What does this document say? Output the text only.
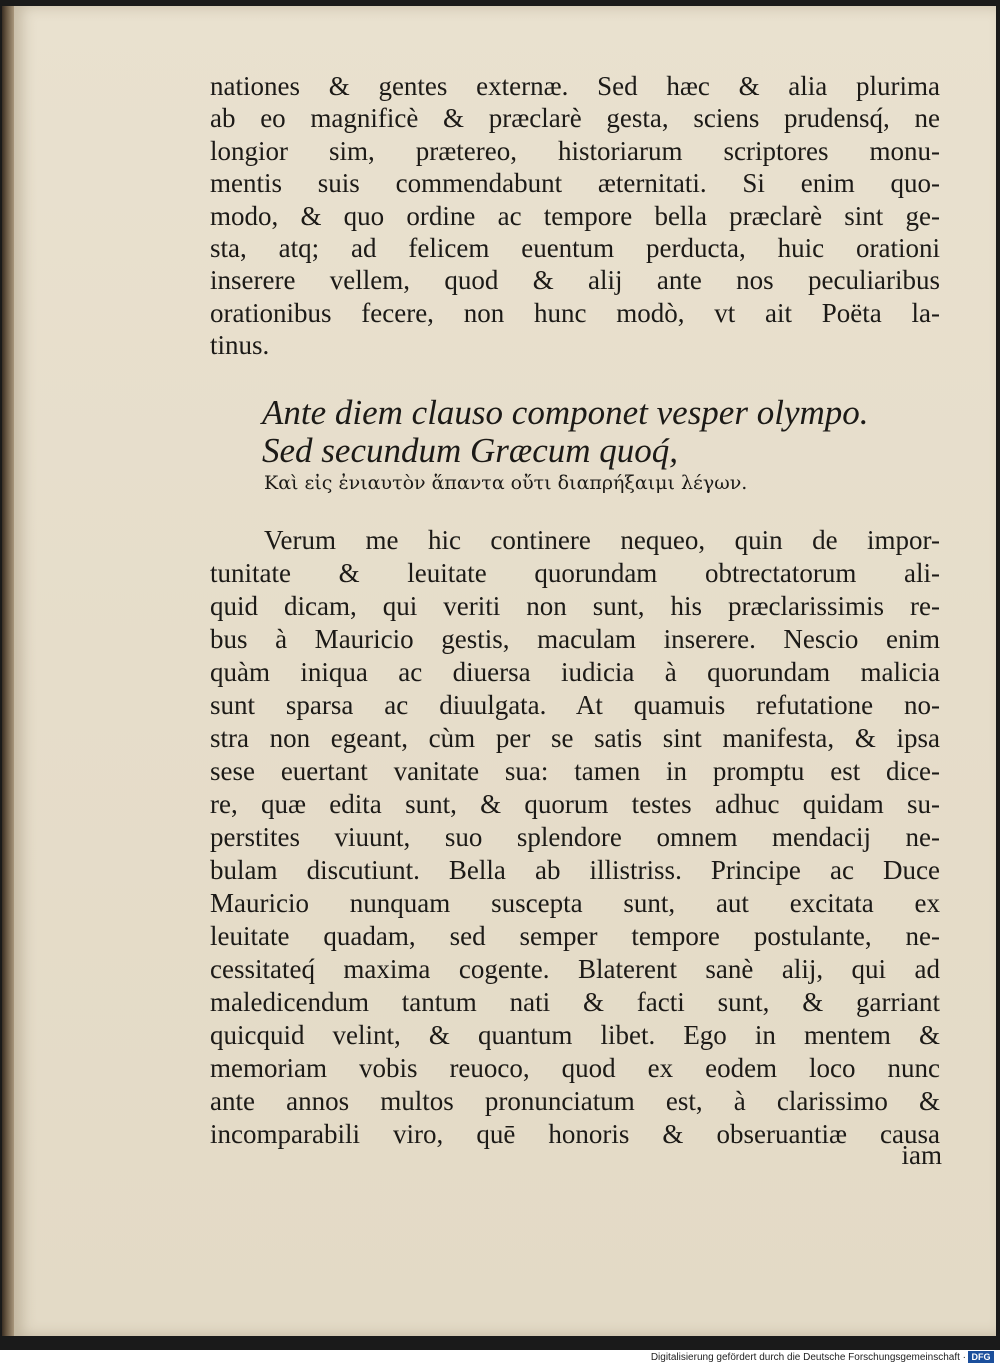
nationes & gentes externæ. Sed hæc & alia plurima
ab eo magnificè & præclarè gesta, sciens prudensq́, ne
longior sim, prætereo, historiarum scriptores monu-
mentis suis commendabunt æternitati. Si enim quo-
modo, & quo ordine ac tempore bella præclarè sint ge-
sta, atq; ad felicem euentum perducta, huic orationi
inserere vellem, quod & alij ante nos peculiaribus
orationibus fecere, non hunc modò, vt ait Poëta la-
tinus.
Ante diem clauso componet vesper olympo.
Sed secundum Græcum quoq́,
Καὶ εἰς ἐνιαυτὸν ἅπαντα οὔτι διαπρήξαιμι λέγων.
Verum me hic continere nequeo, quin de impor-
tunitate & leuitate quorundam obtrectatorum ali-
quid dicam, qui veriti non sunt, his præclarissimis re-
bus à Mauricio gestis, maculam inserere. Nescio enim
quàm iniqua ac diuersa iudicia à quorundam malicia
sunt sparsa ac diuulgata. At quamuis refutatione no-
stra non egeant, cùm per se satis sint manifesta, & ipsa
sese euertant vanitate sua: tamen in promptu est dice-
re, quæ edita sunt, & quorum testes adhuc quidam su-
perstites viuunt, suo splendore omnem mendacij ne-
bulam discutiunt. Bella ab illistriss. Principe ac Duce
Mauricio nunquam suscepta sunt, aut excitata ex
leuitate quadam, sed semper tempore postulante, ne-
cessitateq́ maxima cogente. Blaterent sanè alij, qui ad
maledicendum tantum nati & facti sunt, & garriant
quicquid velint, & quantum libet. Ego in mentem &
memoriam vobis reuoco, quod ex eodem loco nunc
ante annos multos pronunciatum est, à clarissimo &
incomparabili viro, quē honoris & obseruantiæ causa
iam
Digitalisierung gefördert durch die Deutsche Forschungsgemeinschaft · DFG
